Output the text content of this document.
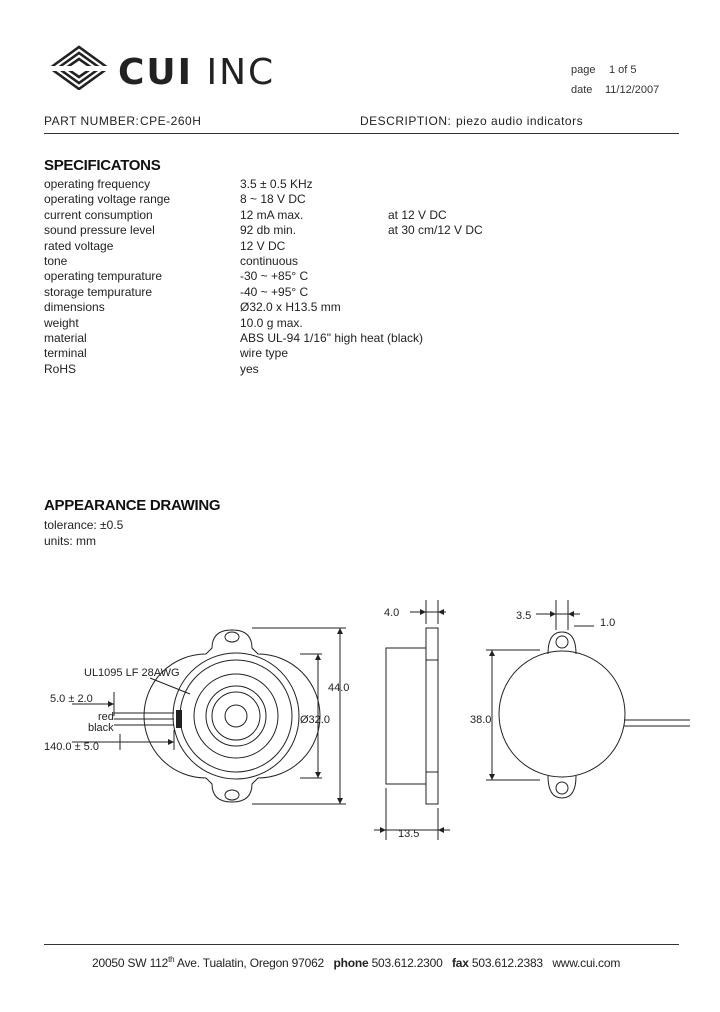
CUI INC	page 1 of 5
date 11/12/2007
PART NUMBER: CPE-260H	DESCRIPTION: piezo audio indicators
SPECIFICATONS
operating frequency	3.5 ± 0.5 KHz
operating voltage range	8 ~ 18 V DC
current consumption	12 mA max.	at 12 V DC
sound pressure level	92 db min.	at 30 cm/12 V DC
rated voltage	12 V DC
tone	continuous
operating tempurature	-30 ~ +85° C
storage tempurature	-40 ~ +95° C
dimensions	Ø32.0 x H13.5 mm
weight	10.0 g max.
material	ABS UL-94 1/16" high heat (black)
terminal	wire type
RoHS	yes
APPEARANCE DRAWING
tolerance: ±0.5
units: mm
UL1095 LF 28AWG
5.0 ± 2.0
red
black
140.0 ± 5.0
44.0
Ø32.0
4.0
13.5
3.5
1.0
38.0
20050 SW 112th Ave. Tualatin, Oregon 97062 phone 503.612.2300 fax 503.612.2383 www.cui.com
